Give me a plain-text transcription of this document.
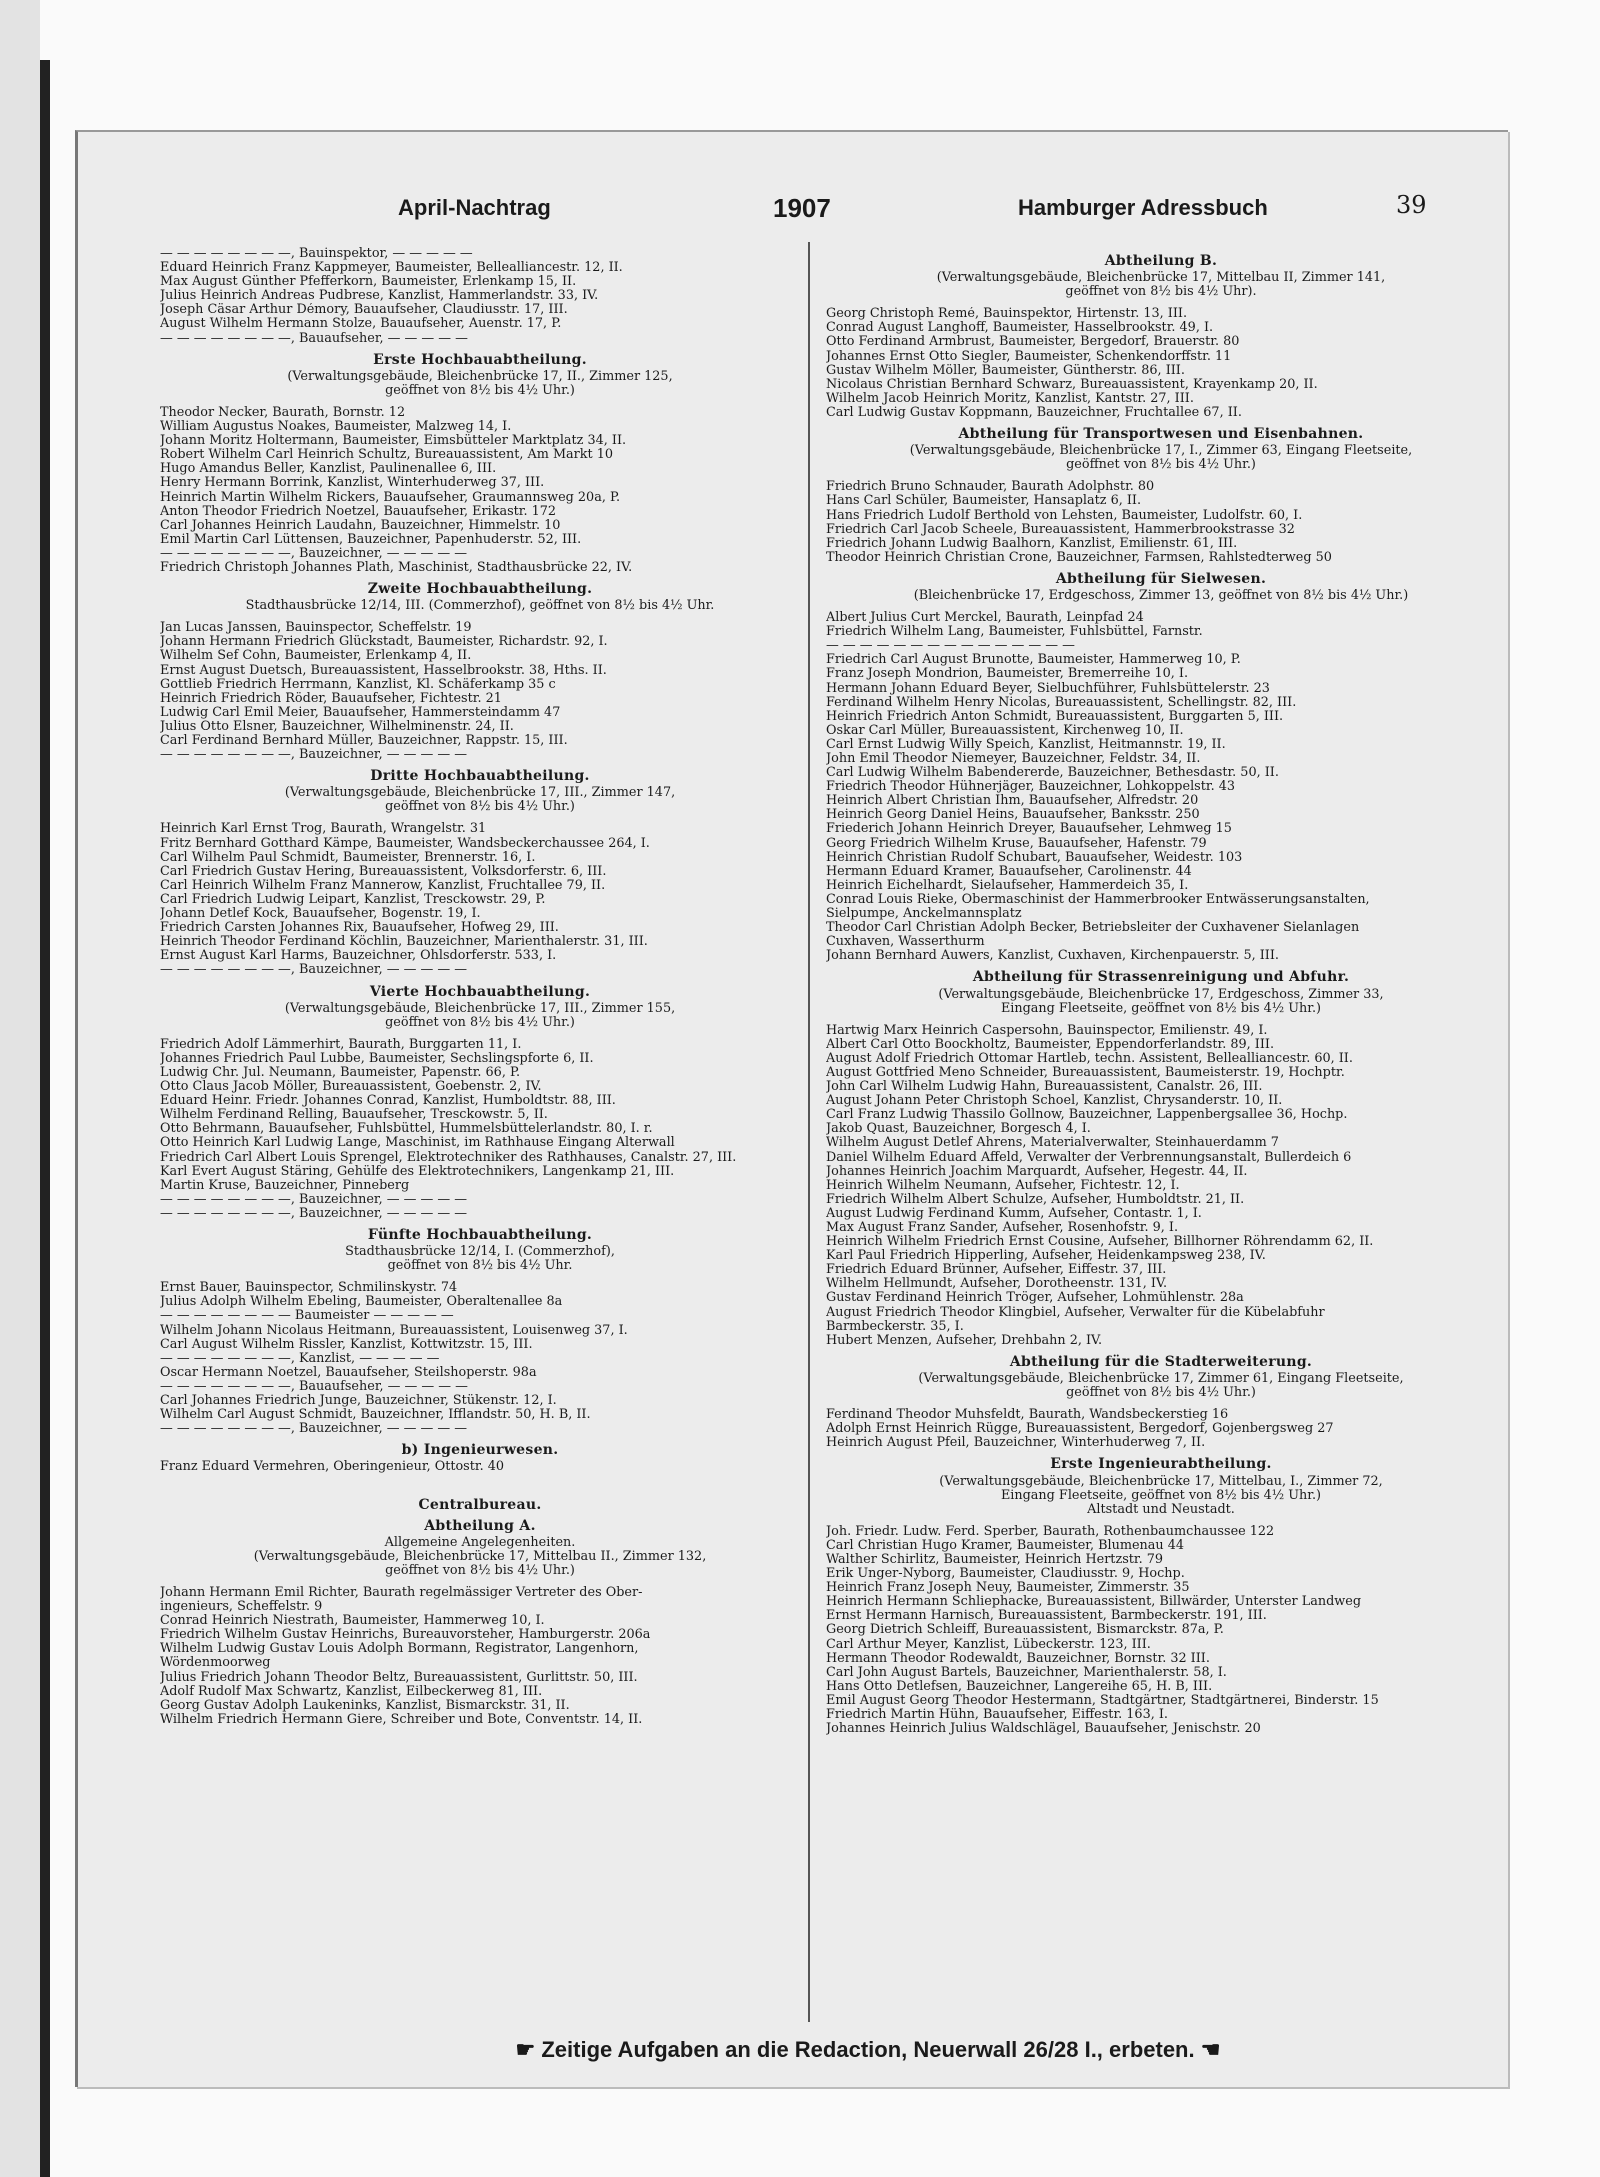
April-Nachtrag	1907	Hamburger Adressbuch	39
— — — — — — — —, Bauinspektor, — — — — —
Eduard Heinrich Franz Kappmeyer, Baumeister, Bellealliancestr. 12, II.
Max August Günther Pfefferkorn, Baumeister, Erlenkamp 15, II.
Julius Heinrich Andreas Pudbrese, Kanzlist, Hammerlandstr. 33, IV.
Joseph Cäsar Arthur Démory, Bauaufseher, Claudiusstr. 17, III.
August Wilhelm Hermann Stolze, Bauaufseher, Auenstr. 17, P.
— — — — — — — —, Bauaufseher, — — — — —
Erste Hochbauabtheilung.
(Verwaltungsgebäude, Bleichenbrücke 17, II., Zimmer 125,
geöffnet von 8½ bis 4½ Uhr.)
Theodor Necker, Baurath, Bornstr. 12
William Augustus Noakes, Baumeister, Malzweg 14, I.
Johann Moritz Holtermann, Baumeister, Eimsbütteler Marktplatz 34, II.
Robert Wilhelm Carl Heinrich Schultz, Bureauassistent, Am Markt 10
Hugo Amandus Beller, Kanzlist, Paulinenallee 6, III.
Henry Hermann Borrink, Kanzlist, Winterhuderweg 37, III.
Heinrich Martin Wilhelm Rickers, Bauaufseher, Graumannsweg 20a, P.
Anton Theodor Friedrich Noetzel, Bauaufseher, Erikastr. 172
Carl Johannes Heinrich Laudahn, Bauzeichner, Himmelstr. 10
Emil Martin Carl Lüttensen, Bauzeichner, Papenhuderstr. 52, III.
— — — — — — — —, Bauzeichner, — — — — —
Friedrich Christoph Johannes Plath, Maschinist, Stadthausbrücke 22, IV.
Zweite Hochbauabtheilung.
Stadthausbrücke 12/14, III. (Commerzhof), geöffnet von 8½ bis 4½ Uhr.
Jan Lucas Janssen, Bauinspector, Scheffelstr. 19
Johann Hermann Friedrich Glückstadt, Baumeister, Richardstr. 92, I.
Wilhelm Sef Cohn, Baumeister, Erlenkamp 4, II.
Ernst August Duetsch, Bureauassistent, Hasselbrookstr. 38, Hths. II.
Gottlieb Friedrich Herrmann, Kanzlist, Kl. Schäferkamp 35 c
Heinrich Friedrich Röder, Bauaufseher, Fichtestr. 21
Ludwig Carl Emil Meier, Bauaufseher, Hammersteindamm 47
Julius Otto Elsner, Bauzeichner, Wilhelminenstr. 24, II.
Carl Ferdinand Bernhard Müller, Bauzeichner, Rappstr. 15, III.
— — — — — — — —, Bauzeichner, — — — — —
Dritte Hochbauabtheilung.
(Verwaltungsgebäude, Bleichenbrücke 17, III., Zimmer 147,
geöffnet von 8½ bis 4½ Uhr.)
Heinrich Karl Ernst Trog, Baurath, Wrangelstr. 31
Fritz Bernhard Gotthard Kämpe, Baumeister, Wandsbeckerchaussee 264, I.
Carl Wilhelm Paul Schmidt, Baumeister, Brennerstr. 16, I.
Carl Friedrich Gustav Hering, Bureauassistent, Volksdorferstr. 6, III.
Carl Heinrich Wilhelm Franz Mannerow, Kanzlist, Fruchtallee 79, II.
Carl Friedrich Ludwig Leipart, Kanzlist, Tresckowstr. 29, P.
Johann Detlef Kock, Bauaufseher, Bogenstr. 19, I.
Friedrich Carsten Johannes Rix, Bauaufseher, Hofweg 29, III.
Heinrich Theodor Ferdinand Köchlin, Bauzeichner, Marienthalerstr. 31, III.
Ernst August Karl Harms, Bauzeichner, Ohlsdorferstr. 533, I.
— — — — — — — —, Bauzeichner, — — — — —
Vierte Hochbauabtheilung.
(Verwaltungsgebäude, Bleichenbrücke 17, III., Zimmer 155,
geöffnet von 8½ bis 4½ Uhr.)
Friedrich Adolf Lämmerhirt, Baurath, Burggarten 11, I.
Johannes Friedrich Paul Lubbe, Baumeister, Sechslingspforte 6, II.
Ludwig Chr. Jul. Neumann, Baumeister, Papenstr. 66, P.
Otto Claus Jacob Möller, Bureauassistent, Goebenstr. 2, IV.
Eduard Heinr. Friedr. Johannes Conrad, Kanzlist, Humboldtstr. 88, III.
Wilhelm Ferdinand Relling, Bauaufseher, Tresckowstr. 5, II.
Otto Behrmann, Bauaufseher, Fuhlsbüttel, Hummelsbüttelerlandstr. 80, I. r.
Otto Heinrich Karl Ludwig Lange, Maschinist, im Rathhause Eingang Alterwall
Friedrich Carl Albert Louis Sprengel, Elektrotechniker des Rathhauses, Canalstr. 27, III.
Karl Evert August Stäring, Gehülfe des Elektrotechnikers, Langenkamp 21, III.
Martin Kruse, Bauzeichner, Pinneberg
— — — — — — — —, Bauzeichner, — — — — —
— — — — — — — —, Bauzeichner, — — — — —
Fünfte Hochbauabtheilung.
Stadthausbrücke 12/14, I. (Commerzhof),
geöffnet von 8½ bis 4½ Uhr.
Ernst Bauer, Bauinspector, Schmilinskystr. 74
Julius Adolph Wilhelm Ebeling, Baumeister, Oberaltenallee 8a
— — — — — — — — Baumeister — — — — —
Wilhelm Johann Nicolaus Heitmann, Bureauassistent, Louisenweg 37, I.
Carl August Wilhelm Rissler, Kanzlist, Kottwitzstr. 15, III.
— — — — — — — —, Kanzlist, — — — — —
Oscar Hermann Noetzel, Bauaufseher, Steilshoperstr. 98a
— — — — — — — —, Bauaufseher, — — — — —
Carl Johannes Friedrich Junge, Bauzeichner, Stükenstr. 12, I.
Wilhelm Carl August Schmidt, Bauzeichner, Ifflandstr. 50, H. B, II.
— — — — — — — —, Bauzeichner, — — — — —
b) Ingenieurwesen.
Franz Eduard Vermehren, Oberingenieur, Ottostr. 40
Centralbureau.
Abtheilung A.
Allgemeine Angelegenheiten.
(Verwaltungsgebäude, Bleichenbrücke 17, Mittelbau II., Zimmer 132,
geöffnet von 8½ bis 4½ Uhr.)
Johann Hermann Emil Richter, Baurath regelmässiger Vertreter des Ober-
ingenieurs, Scheffelstr. 9
Conrad Heinrich Niestrath, Baumeister, Hammerweg 10, I.
Friedrich Wilhelm Gustav Heinrichs, Bureauvorsteher, Hamburgerstr. 206a
Wilhelm Ludwig Gustav Louis Adolph Bormann, Registrator, Langenhorn,
Wördenmoorweg
Julius Friedrich Johann Theodor Beltz, Bureauassistent, Gurlittstr. 50, III.
Adolf Rudolf Max Schwartz, Kanzlist, Eilbeckerweg 81, III.
Georg Gustav Adolph Laukeninks, Kanzlist, Bismarckstr. 31, II.
Wilhelm Friedrich Hermann Giere, Schreiber und Bote, Conventstr. 14, II.
Abtheilung B.
(Verwaltungsgebäude, Bleichenbrücke 17, Mittelbau II, Zimmer 141,
geöffnet von 8½ bis 4½ Uhr).
Georg Christoph Remé, Bauinspektor, Hirtenstr. 13, III.
Conrad August Langhoff, Baumeister, Hasselbrookstr. 49, I.
Otto Ferdinand Armbrust, Baumeister, Bergedorf, Brauerstr. 80
Johannes Ernst Otto Siegler, Baumeister, Schenkendorffstr. 11
Gustav Wilhelm Möller, Baumeister, Güntherstr. 86, III.
Nicolaus Christian Bernhard Schwarz, Bureauassistent, Krayenkamp 20, II.
Wilhelm Jacob Heinrich Moritz, Kanzlist, Kantstr. 27, III.
Carl Ludwig Gustav Koppmann, Bauzeichner, Fruchtallee 67, II.
Abtheilung für Transportwesen und Eisenbahnen.
(Verwaltungsgebäude, Bleichenbrücke 17, I., Zimmer 63, Eingang Fleetseite,
geöffnet von 8½ bis 4½ Uhr.)
Friedrich Bruno Schnauder, Baurath Adolphstr. 80
Hans Carl Schüler, Baumeister, Hansaplatz 6, II.
Hans Friedrich Ludolf Berthold von Lehsten, Baumeister, Ludolfstr. 60, I.
Friedrich Carl Jacob Scheele, Bureauassistent, Hammerbrookstrasse 32
Friedrich Johann Ludwig Baalhorn, Kanzlist, Emilienstr. 61, III.
Theodor Heinrich Christian Crone, Bauzeichner, Farmsen, Rahlstedterweg 50
Abtheilung für Sielwesen.
(Bleichenbrücke 17, Erdgeschoss, Zimmer 13, geöffnet von 8½ bis 4½ Uhr.)
Albert Julius Curt Merckel, Baurath, Leinpfad 24
Friedrich Wilhelm Lang, Baumeister, Fuhlsbüttel, Farnstr.
— — — — — — — — — — — — — — —
Friedrich Carl August Brunotte, Baumeister, Hammerweg 10, P.
Franz Joseph Mondrion, Baumeister, Bremerreihe 10, I.
Hermann Johann Eduard Beyer, Sielbuchführer, Fuhlsbüttelerstr. 23
Ferdinand Wilhelm Henry Nicolas, Bureauassistent, Schellingstr. 82, III.
Heinrich Friedrich Anton Schmidt, Bureauassistent, Burggarten 5, III.
Oskar Carl Müller, Bureauassistent, Kirchenweg 10, II.
Carl Ernst Ludwig Willy Speich, Kanzlist, Heitmannstr. 19, II.
John Emil Theodor Niemeyer, Bauzeichner, Feldstr. 34, II.
Carl Ludwig Wilhelm Babendererde, Bauzeichner, Bethesdastr. 50, II.
Friedrich Theodor Hühnerjäger, Bauzeichner, Lohkoppelstr. 43
Heinrich Albert Christian Ihm, Bauaufseher, Alfredstr. 20
Heinrich Georg Daniel Heins, Bauaufseher, Banksstr. 250
Friederich Johann Heinrich Dreyer, Bauaufseher, Lehmweg 15
Georg Friedrich Wilhelm Kruse, Bauaufseher, Hafenstr. 79
Heinrich Christian Rudolf Schubart, Bauaufseher, Weidestr. 103
Hermann Eduard Kramer, Bauaufseher, Carolinenstr. 44
Heinrich Eichelhardt, Sielaufseher, Hammerdeich 35, I.
Conrad Louis Rieke, Obermaschinist der Hammerbrooker Entwässerungsanstalten,
Sielpumpe, Anckelmannsplatz
Theodor Carl Christian Adolph Becker, Betriebsleiter der Cuxhavener Sielanlagen
Cuxhaven, Wasserthurm
Johann Bernhard Auwers, Kanzlist, Cuxhaven, Kirchenpauerstr. 5, III.
Abtheilung für Strassenreinigung und Abfuhr.
(Verwaltungsgebäude, Bleichenbrücke 17, Erdgeschoss, Zimmer 33,
Eingang Fleetseite, geöffnet von 8½ bis 4½ Uhr.)
Hartwig Marx Heinrich Caspersohn, Bauinspector, Emilienstr. 49, I.
Albert Carl Otto Boockholtz, Baumeister, Eppendorferlandstr. 89, III.
August Adolf Friedrich Ottomar Hartleb, techn. Assistent, Bellealliancestr. 60, II.
August Gottfried Meno Schneider, Bureauassistent, Baumeisterstr. 19, Hochptr.
John Carl Wilhelm Ludwig Hahn, Bureauassistent, Canalstr. 26, III.
August Johann Peter Christoph Schoel, Kanzlist, Chrysanderstr. 10, II.
Carl Franz Ludwig Thassilo Gollnow, Bauzeichner, Lappenbergsallee 36, Hochp.
Jakob Quast, Bauzeichner, Borgesch 4, I.
Wilhelm August Detlef Ahrens, Materialverwalter, Steinhauerdamm 7
Daniel Wilhelm Eduard Affeld, Verwalter der Verbrennungsanstalt, Bullerdeich 6
Johannes Heinrich Joachim Marquardt, Aufseher, Hegestr. 44, II.
Heinrich Wilhelm Neumann, Aufseher, Fichtestr. 12, I.
Friedrich Wilhelm Albert Schulze, Aufseher, Humboldtstr. 21, II.
August Ludwig Ferdinand Kumm, Aufseher, Contastr. 1, I.
Max August Franz Sander, Aufseher, Rosenhofstr. 9, I.
Heinrich Wilhelm Friedrich Ernst Cousine, Aufseher, Billhorner Röhrendamm 62, II.
Karl Paul Friedrich Hipperling, Aufseher, Heidenkampsweg 238, IV.
Friedrich Eduard Brünner, Aufseher, Eiffestr. 37, III.
Wilhelm Hellmundt, Aufseher, Dorotheenstr. 131, IV.
Gustav Ferdinand Heinrich Tröger, Aufseher, Lohmühlenstr. 28a
August Friedrich Theodor Klingbiel, Aufseher, Verwalter für die Kübelabfuhr
Barmbeckerstr. 35, I.
Hubert Menzen, Aufseher, Drehbahn 2, IV.
Abtheilung für die Stadterweiterung.
(Verwaltungsgebäude, Bleichenbrücke 17, Zimmer 61, Eingang Fleetseite,
geöffnet von 8½ bis 4½ Uhr.)
Ferdinand Theodor Muhsfeldt, Baurath, Wandsbeckerstieg 16
Adolph Ernst Heinrich Rügge, Bureauassistent, Bergedorf, Gojenbergsweg 27
Heinrich August Pfeil, Bauzeichner, Winterhuderweg 7, II.
Erste Ingenieurabtheilung.
(Verwaltungsgebäude, Bleichenbrücke 17, Mittelbau, I., Zimmer 72,
Eingang Fleetseite, geöffnet von 8½ bis 4½ Uhr.)
Altstadt und Neustadt.
Joh. Friedr. Ludw. Ferd. Sperber, Baurath, Rothenbaumchaussee 122
Carl Christian Hugo Kramer, Baumeister, Blumenau 44
Walther Schirlitz, Baumeister, Heinrich Hertzstr. 79
Erik Unger-Nyborg, Baumeister, Claudiusstr. 9, Hochp.
Heinrich Franz Joseph Neuy, Baumeister, Zimmerstr. 35
Heinrich Hermann Schliephacke, Bureauassistent, Billwärder, Unterster Landweg
Ernst Hermann Harnisch, Bureauassistent, Barmbeckerstr. 191, III.
Georg Dietrich Schleiff, Bureauassistent, Bismarckstr. 87a, P.
Carl Arthur Meyer, Kanzlist, Lübeckerstr. 123, III.
Hermann Theodor Rodewaldt, Bauzeichner, Bornstr. 32 III.
Carl John August Bartels, Bauzeichner, Marienthalerstr. 58, I.
Hans Otto Detlefsen, Bauzeichner, Langereihe 65, H. B, III.
Emil August Georg Theodor Hestermann, Stadtgärtner, Stadtgärtnerei, Binderstr. 15
Friedrich Martin Hühn, Bauaufseher, Eiffestr. 163, I.
Johannes Heinrich Julius Waldschlägel, Bauaufseher, Jenischstr. 20
☛ Zeitige Aufgaben an die Redaction, Neuerwall 26/28 I., erbeten. ☚
